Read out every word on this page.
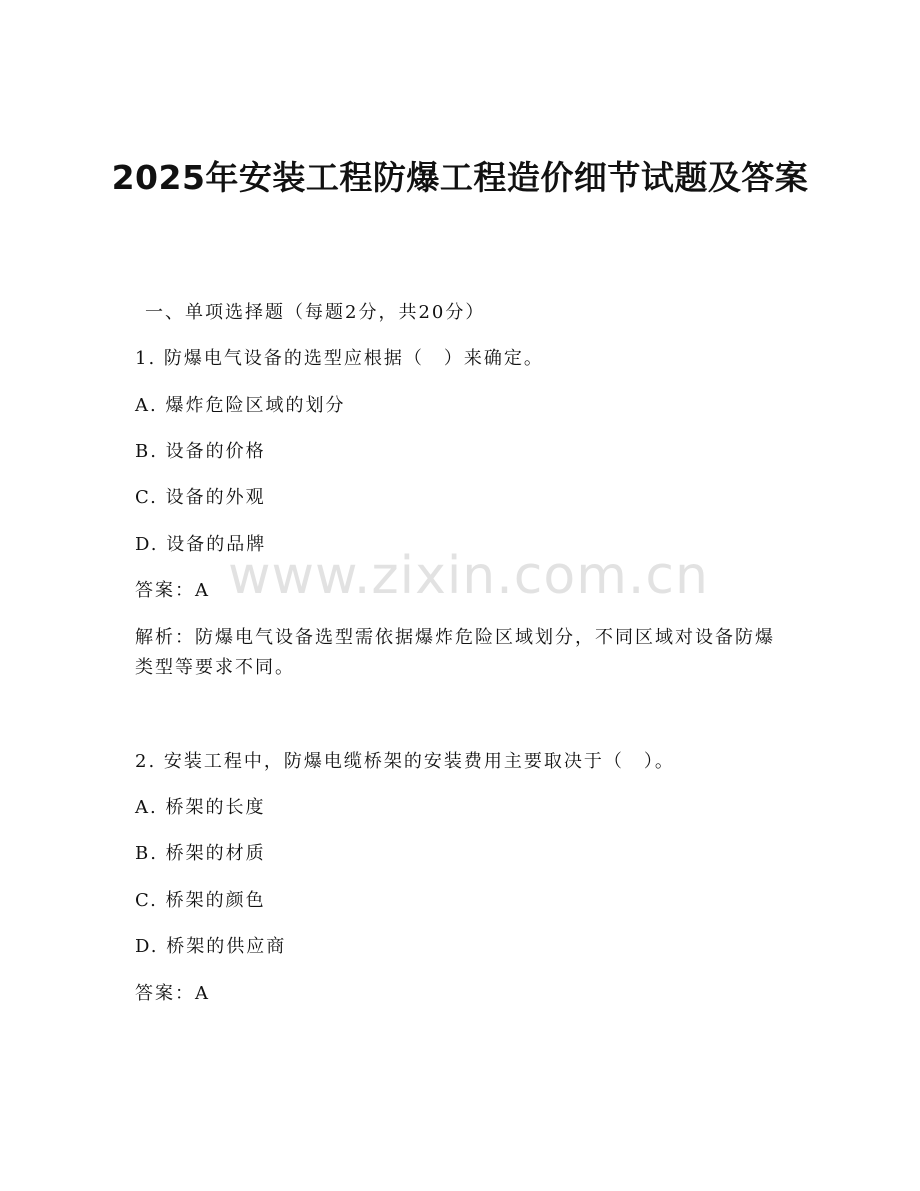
2025年安装工程防爆工程造价细节试题及答案
一、单项选择题（每题2分，共20分）
1. 防爆电气设备的选型应根据（　）来确定。
A. 爆炸危险区域的划分
B. 设备的价格
C. 设备的外观
D. 设备的品牌
答案：A
解析：防爆电气设备选型需依据爆炸危险区域划分，不同区域对设备防爆类型等要求不同。
2. 安装工程中，防爆电缆桥架的安装费用主要取决于（　）。
A. 桥架的长度
B. 桥架的材质
C. 桥架的颜色
D. 桥架的供应商
答案：A
www.zixin.com.cn
